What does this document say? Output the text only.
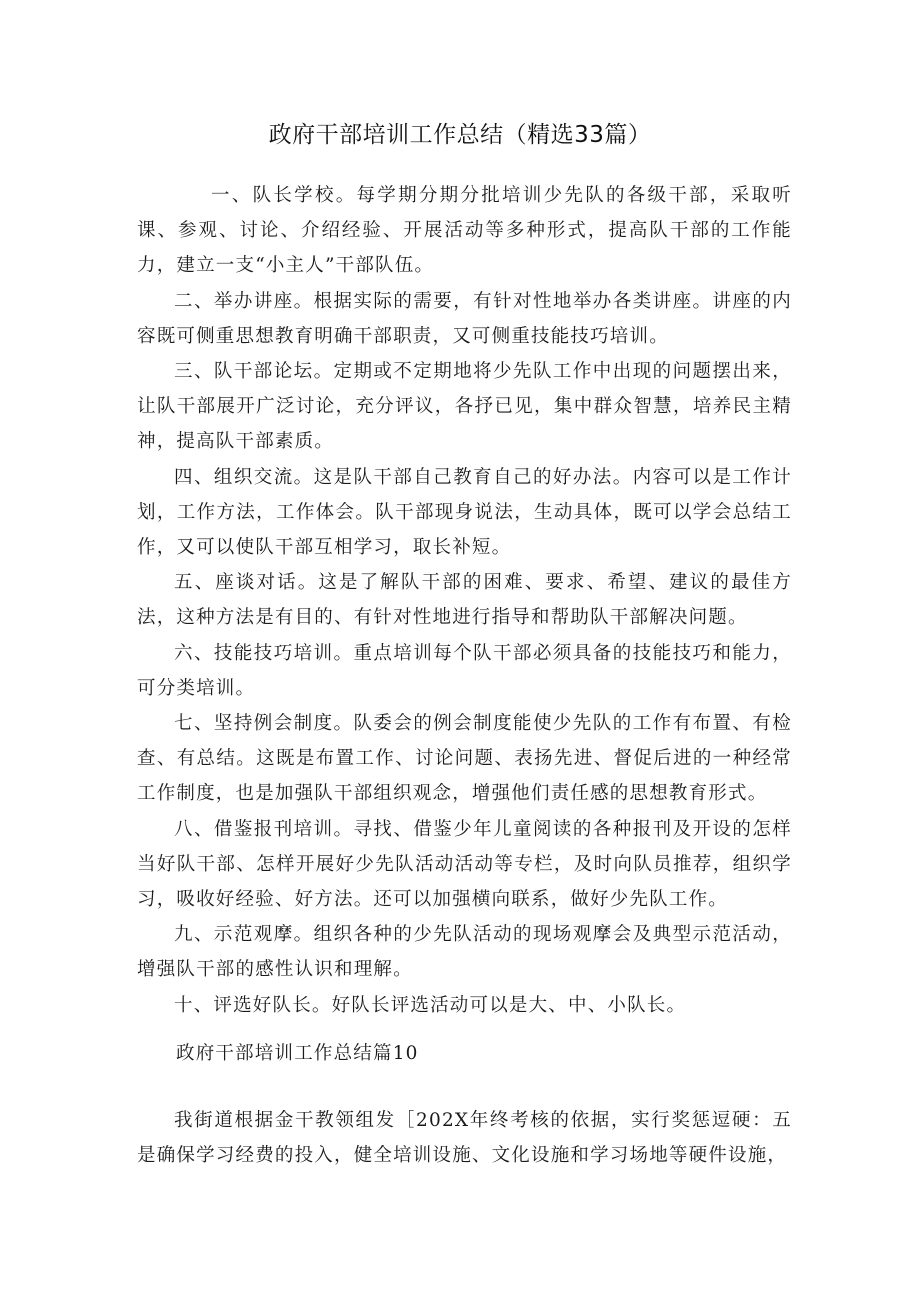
政府干部培训工作总结（精选33篇）

一、队长学校。每学期分期分批培训少先队的各级干部，采取听课、参观、讨论、介绍经验、开展活动等多种形式，提高队干部的工作能力，建立一支“小主人”干部队伍。

二、举办讲座。根据实际的需要，有针对性地举办各类讲座。讲座的内容既可侧重思想教育明确干部职责，又可侧重技能技巧培训。

三、队干部论坛。定期或不定期地将少先队工作中出现的问题摆出来，让队干部展开广泛讨论，充分评议，各抒已见，集中群众智慧，培养民主精神，提高队干部素质。

四、组织交流。这是队干部自己教育自己的好办法。内容可以是工作计划，工作方法，工作体会。队干部现身说法，生动具体，既可以学会总结工作，又可以使队干部互相学习，取长补短。

五、座谈对话。这是了解队干部的困难、要求、希望、建议的最佳方法，这种方法是有目的、有针对性地进行指导和帮助队干部解决问题。

六、技能技巧培训。重点培训每个队干部必须具备的技能技巧和能力，可分类培训。

七、坚持例会制度。队委会的例会制度能使少先队的工作有布置、有检查、有总结。这既是布置工作、讨论问题、表扬先进、督促后进的一种经常工作制度，也是加强队干部组织观念，增强他们责任感的思想教育形式。

八、借鉴报刊培训。寻找、借鉴少年儿童阅读的各种报刊及开设的怎样当好队干部、怎样开展好少先队活动活动等专栏，及时向队员推荐，组织学习，吸收好经验、好方法。还可以加强横向联系，做好少先队工作。

九、示范观摩。组织各种的少先队活动的现场观摩会及典型示范活动，增强队干部的感性认识和理解。

十、评选好队长。好队长评选活动可以是大、中、小队长。

政府干部培训工作总结篇10

我街道根据金干教领组发［202X年终考核的依据，实行奖惩逗硬：五是确保学习经费的投入，健全培训设施、文化设施和学习场地等硬件设施，
